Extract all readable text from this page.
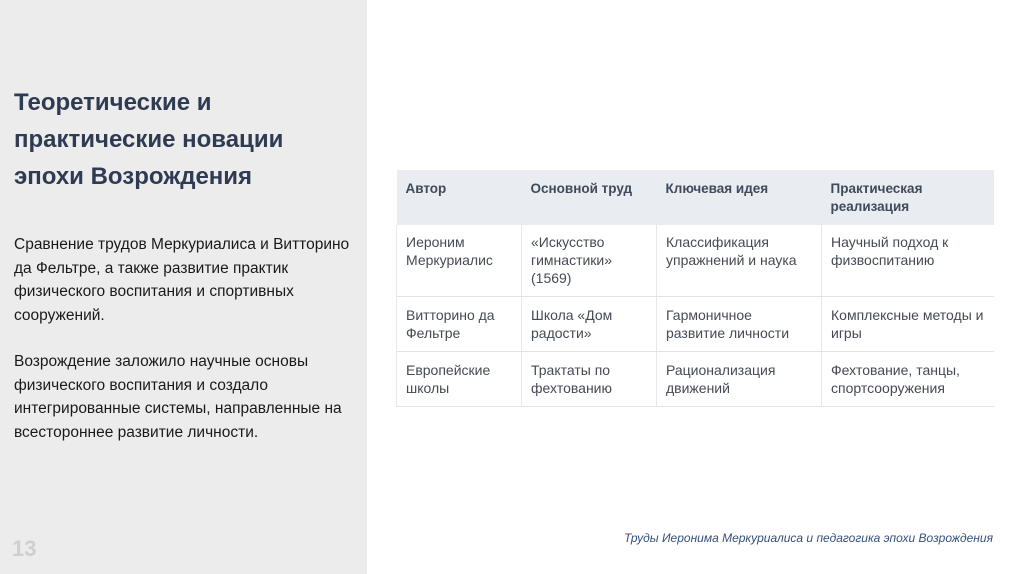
Теоретические и практические новации эпохи Возрождения

Сравнение трудов Меркуриалиса и Витторино да Фельтре, а также развитие практик физического воспитания и спортивных сооружений.

Возрождение заложило научные основы физического воспитания и создало интегрированные системы, направленные на всестороннее развитие личности.

13
Автор	Основной труд	Ключевая идея	Практическая реализация
Иероним Меркуриалис	«Искусство гимнастики» (1569)	Классификация упражнений и наука	Научный подход к физвоспитанию
Витторино да Фельтре	Школа «Дом радости»	Гармоничное развитие личности	Комплексные методы и игры
Европейские школы	Трактаты по фехтованию	Рационализация движений	Фехтование, танцы, спортсооружения
Труды Иеронима Меркуриалиса и педагогика эпохи Возрождения
